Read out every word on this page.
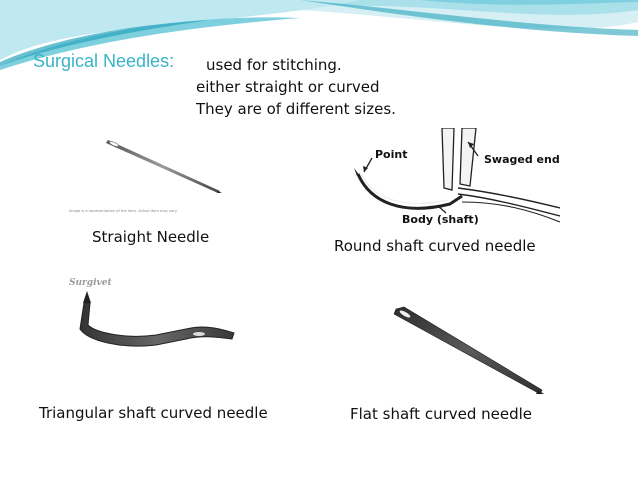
Surgical Needles: used for stitching.
either straight or curved
They are of different sizes.
Image is a representation of the item. Actual item may vary.
Straight Needle
Point	Swaged end
Body (shaft)
Round shaft curved needle
Surgivet
Triangular shaft curved needle	Flat shaft curved needle
